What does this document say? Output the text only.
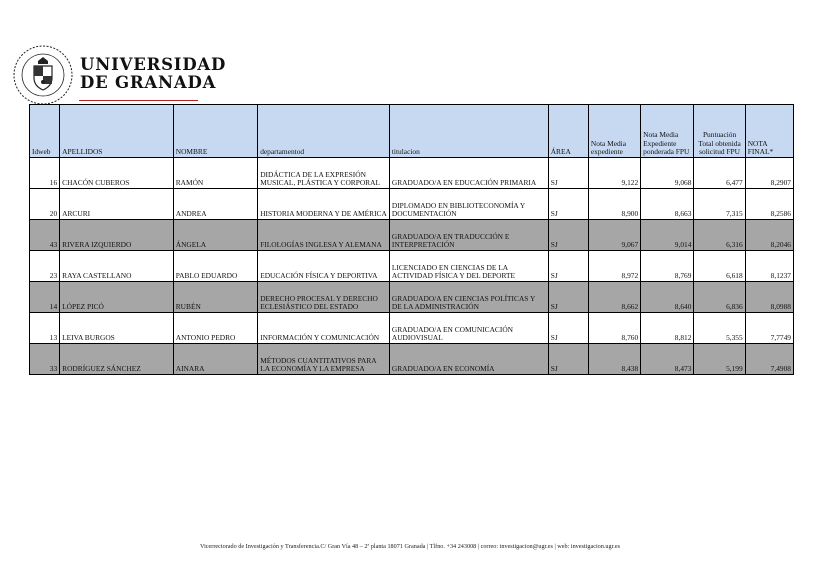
UNIVERSIDAD
DE GRANADA
Idweb	APELLIDOS	NOMBRE	departamentod	titulacion	ÁREA	Nota Media expediente	Nota Media Expediente ponderada FPU	Puntuación Total obtenida solicitud FPU	NOTA FINAL*
16	CHACÓN CUBEROS	RAMÓN	DIDÁCTICA DE LA EXPRESIÓN MUSICAL, PLÁSTICA Y CORPORAL	GRADUADO/A EN EDUCACIÓN PRIMARIA	SJ	9,122	9,068	6,477	8,2907
20	ARCURI	ANDREA	HISTORIA MODERNA Y DE AMÉRICA	DIPLOMADO EN BIBLIOTECONOMÍA Y DOCUMENTACIÓN	SJ	8,900	8,663	7,315	8,2586
43	RIVERA IZQUIERDO	ÁNGELA	FILOLOGÍAS INGLESA Y ALEMANA	GRADUADO/A EN TRADUCCIÓN E INTERPRETACIÓN	SJ	9,067	9,014	6,316	8,2046
23	RAYA CASTELLANO	PABLO EDUARDO	EDUCACIÓN FÍSICA Y DEPORTIVA	LICENCIADO EN CIENCIAS DE LA ACTIVIDAD FÍSICA Y DEL DEPORTE	SJ	8,972	8,769	6,618	8,1237
14	LÓPEZ PICÓ	RUBÉN	DERECHO PROCESAL Y DERECHO ECLESIÁSTICO DEL ESTADO	GRADUADO/A EN CIENCIAS POLÍTICAS Y DE LA ADMINISTRACIÓN	SJ	8,662	8,640	6,836	8,0988
13	LEIVA BURGOS	ANTONIO PEDRO	INFORMACIÓN Y COMUNICACIÓN	GRADUADO/A EN COMUNICACIÓN AUDIOVISUAL	SJ	8,760	8,812	5,355	7,7749
33	RODRÍGUEZ SÁNCHEZ	AINARA	MÉTODOS CUANTITATIVOS PARA LA ECONOMÍA Y LA EMPRESA	GRADUADO/A EN ECONOMÍA	SJ	8,438	8,473	5,199	7,4908
Vicerrectorado de Investigación y Transferencia.C/ Gran Vía 48 – 2ª planta 18071 Granada | Tlfno. +34 243008 | correo: investigacion@ugr.es | web: investigacion.ugr.es
